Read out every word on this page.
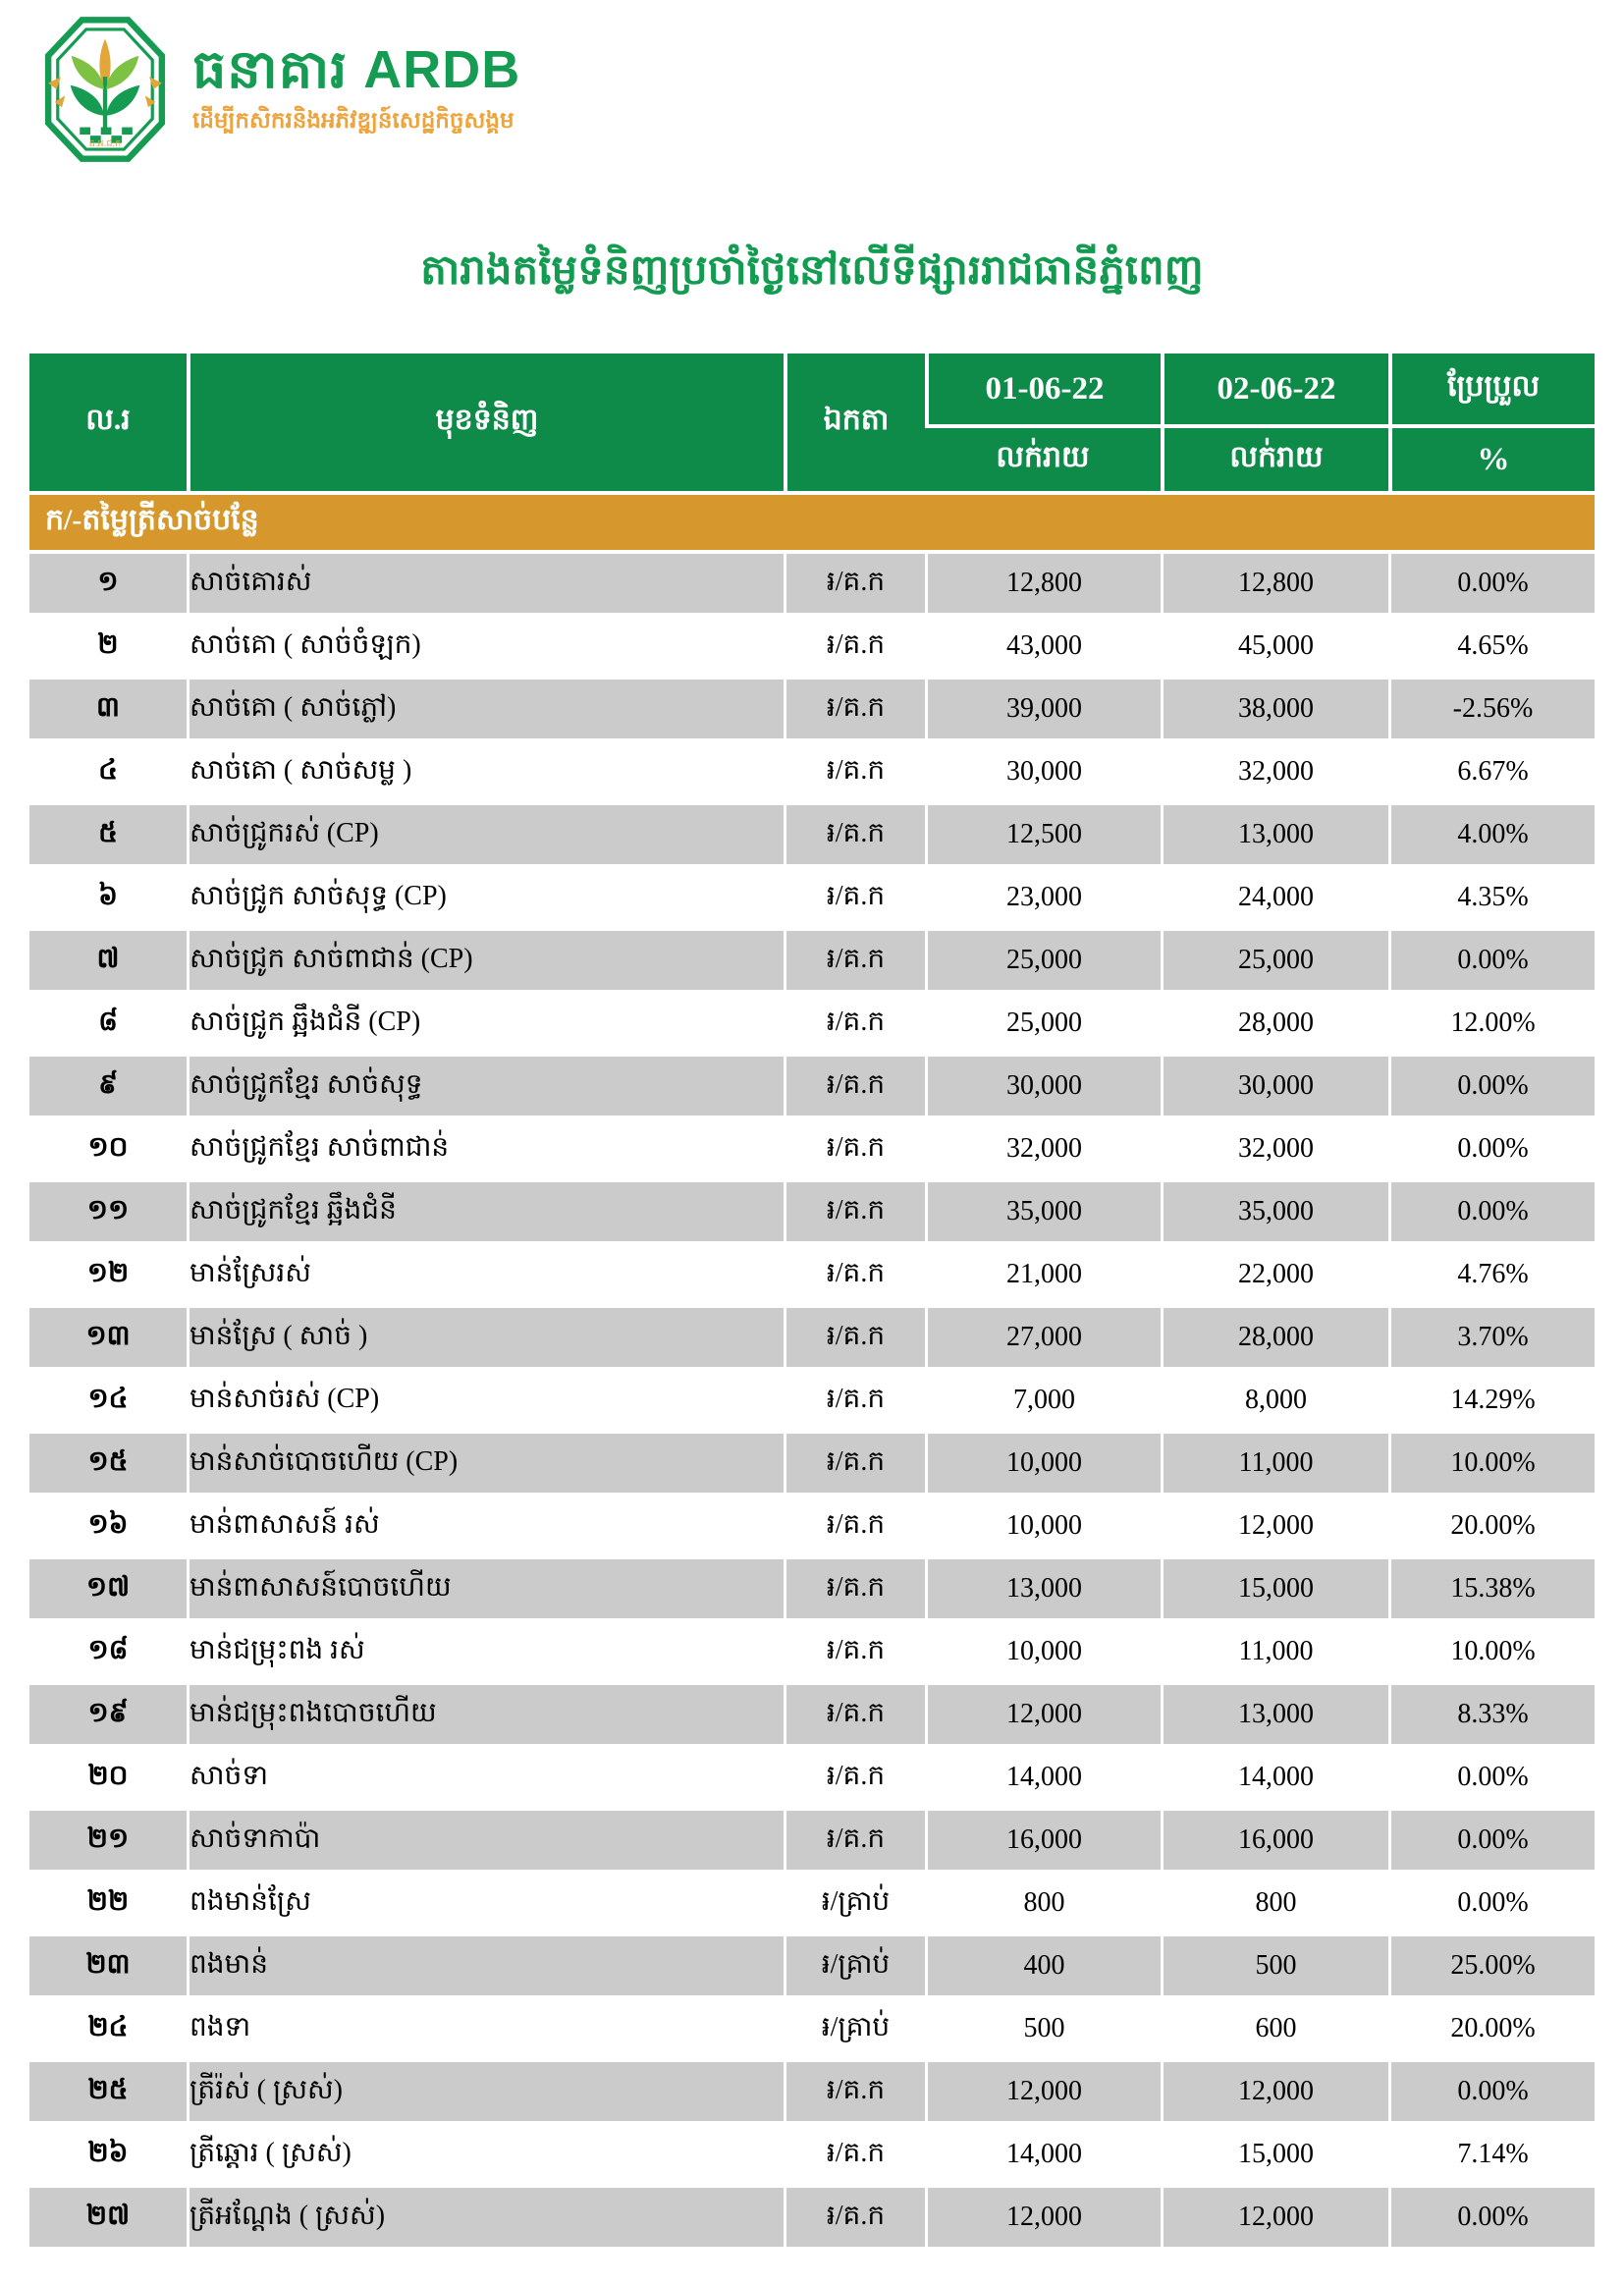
ធ.អ.ជ.ក
ធនាគារ ARDB
ដើម្បីកសិករនិងអភិវឌ្ឍន៍សេដ្ឋកិច្ចសង្គម
តារាងតម្លៃទំនិញប្រចាំថ្ងៃនៅលើទីផ្សាររាជធានីភ្នំពេញ
ល.រ	មុខទំនិញ	ឯកតា	01-06-22	02-06-22	ប្រែប្រួល
			លក់រាយ	លក់រាយ	%
ក/-តម្លៃត្រីសាច់បន្លែ					
១	សាច់គោរស់	៛/គ.ក	12,800	12,800	0.00%
២	សាច់គោ ( សាច់ចំឡក)	៛/គ.ក	43,000	45,000	4.65%
៣	សាច់គោ ( សាច់ភ្លៅ)	៛/គ.ក	39,000	38,000	-2.56%
៤	សាច់គោ ( សាច់សម្ល )	៛/គ.ក	30,000	32,000	6.67%
៥	សាច់ជ្រូករស់ (CP)	៛/គ.ក	12,500	13,000	4.00%
៦	សាច់ជ្រូក សាច់សុទ្ធ (CP)	៛/គ.ក	23,000	24,000	4.35%
៧	សាច់ជ្រូក សាច់ពាជាន់ (CP)	៛/គ.ក	25,000	25,000	0.00%
៨	សាច់ជ្រូក ឆ្អឹងជំនី (CP)	៛/គ.ក	25,000	28,000	12.00%
៩	សាច់ជ្រូកខ្មែរ សាច់សុទ្ធ	៛/គ.ក	30,000	30,000	0.00%
១០	សាច់ជ្រូកខ្មែរ សាច់ពាជាន់	៛/គ.ក	32,000	32,000	0.00%
១១	សាច់ជ្រូកខ្មែរ ឆ្អឹងជំនី	៛/គ.ក	35,000	35,000	0.00%
១២	មាន់ស្រែរស់	៛/គ.ក	21,000	22,000	4.76%
១៣	មាន់ស្រែ ( សាច់ )	៛/គ.ក	27,000	28,000	3.70%
១៤	មាន់សាច់រស់ (CP)	៛/គ.ក	7,000	8,000	14.29%
១៥	មាន់សាច់បោចហើយ (CP)	៛/គ.ក	10,000	11,000	10.00%
១៦	មាន់ពាសាសន៍ រស់	៛/គ.ក	10,000	12,000	20.00%
១៧	មាន់ពាសាសន៍បោចហើយ	៛/គ.ក	13,000	15,000	15.38%
១៨	មាន់ជម្រុះពង រស់	៛/គ.ក	10,000	11,000	10.00%
១៩	មាន់ជម្រុះពងបោចហើយ	៛/គ.ក	12,000	13,000	8.33%
២០	សាច់ទា	៛/គ.ក	14,000	14,000	0.00%
២១	សាច់ទាកាប៉ា	៛/គ.ក	16,000	16,000	0.00%
២២	ពងមាន់ស្រែ	៛/គ្រាប់	800	800	0.00%
២៣	ពងមាន់	៛/គ្រាប់	400	500	25.00%
២៤	ពងទា	៛/គ្រាប់	500	600	20.00%
២៥	ត្រីរ៉ស់ ( ស្រស់)	៛/គ.ក	12,000	12,000	0.00%
២៦	ត្រីឆ្ដោរ ( ស្រស់)	៛/គ.ក	14,000	15,000	7.14%
២៧	ត្រីអណ្ដែង ( ស្រស់)	៛/គ.ក	12,000	12,000	0.00%
